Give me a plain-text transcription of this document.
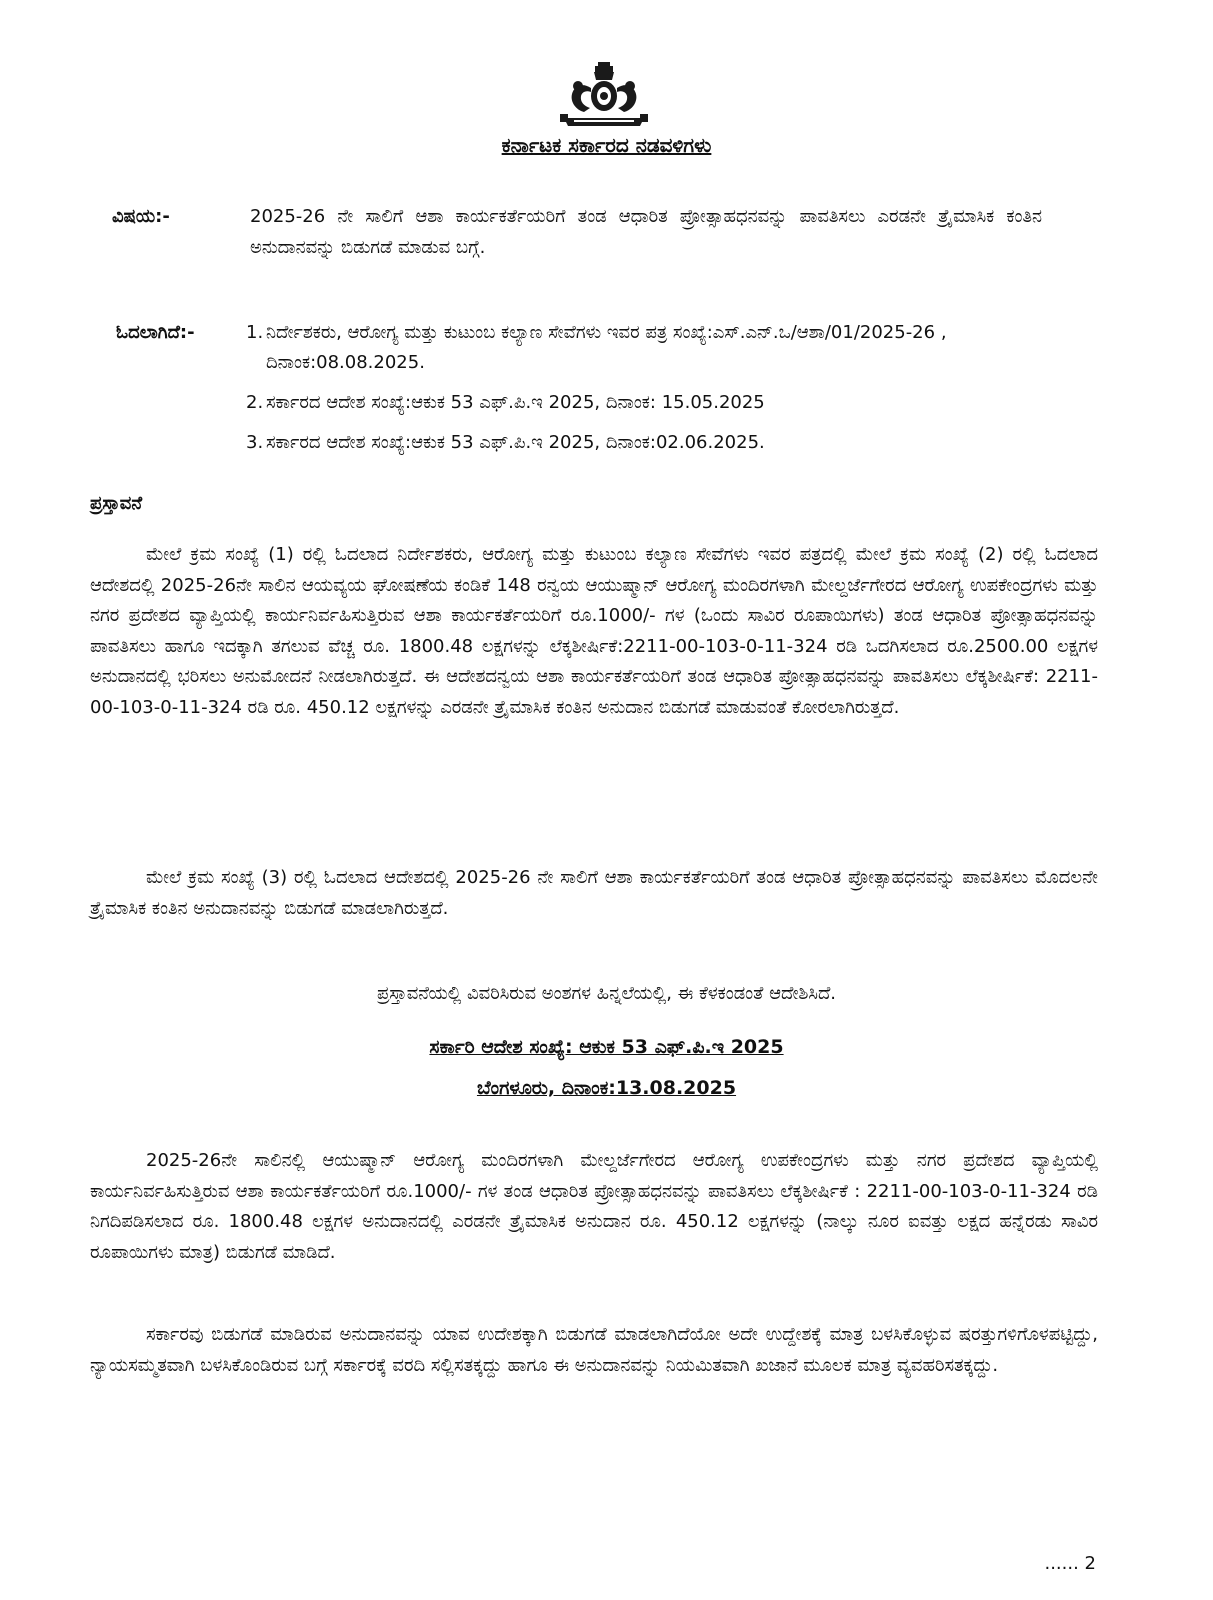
ಕರ್ನಾಟಕ ಸರ್ಕಾರದ ನಡವಳಿಗಳು
ವಿಷಯ:-	2025-26 ನೇ ಸಾಲಿಗೆ ಆಶಾ ಕಾರ್ಯಕರ್ತೆಯರಿಗೆ ತಂಡ ಆಧಾರಿತ ಪ್ರೋತ್ಸಾಹಧನವನ್ನು ಪಾವತಿಸಲು ಎರಡನೇ ತ್ರೈಮಾಸಿಕ ಕಂತಿನ ಅನುದಾನವನ್ನು ಬಿಡುಗಡೆ ಮಾಡುವ ಬಗ್ಗೆ.
ಓದಲಾಗಿದೆ:-	1. ನಿರ್ದೇಶಕರು, ಆರೋಗ್ಯ ಮತ್ತು ಕುಟುಂಬ ಕಲ್ಯಾಣ ಸೇವೆಗಳು ಇವರ ಪತ್ರ ಸಂಖ್ಯೆ:ಎಸ್.ಎನ್.ಒ/ಆಶಾ/01/2025-26 , ದಿನಾಂಕ:08.08.2025.
2. ಸರ್ಕಾರದ ಆದೇಶ ಸಂಖ್ಯೆ:ಆಕುಕ 53 ಎಫ್.ಪಿ.ಇ 2025, ದಿನಾಂಕ: 15.05.2025
3. ಸರ್ಕಾರದ ಆದೇಶ ಸಂಖ್ಯೆ:ಆಕುಕ 53 ಎಫ್.ಪಿ.ಇ 2025, ದಿನಾಂಕ:02.06.2025.
ಪ್ರಸ್ತಾವನೆ
ಮೇಲೆ ಕ್ರಮ ಸಂಖ್ಯೆ (1) ರಲ್ಲಿ ಓದಲಾದ ನಿರ್ದೇಶಕರು, ಆರೋಗ್ಯ ಮತ್ತು ಕುಟುಂಬ ಕಲ್ಯಾಣ ಸೇವೆಗಳು ಇವರ ಪತ್ರದಲ್ಲಿ ಮೇಲೆ ಕ್ರಮ ಸಂಖ್ಯೆ (2) ರಲ್ಲಿ ಓದಲಾದ ಆದೇಶದಲ್ಲಿ 2025-26ನೇ ಸಾಲಿನ ಆಯವ್ಯಯ ಘೋಷಣೆಯ ಕಂಡಿಕೆ 148 ರನ್ವಯ ಆಯುಷ್ಮಾನ್ ಆರೋಗ್ಯ ಮಂದಿರಗಳಾಗಿ ಮೇಲ್ದರ್ಜೆಗೇರದ ಆರೋಗ್ಯ ಉಪಕೇಂದ್ರಗಳು ಮತ್ತು ನಗರ ಪ್ರದೇಶದ ವ್ಯಾಪ್ತಿಯಲ್ಲಿ ಕಾರ್ಯನಿರ್ವಹಿಸುತ್ತಿರುವ ಆಶಾ ಕಾರ್ಯಕರ್ತೆಯರಿಗೆ ರೂ.1000/- ಗಳ (ಒಂದು ಸಾವಿರ ರೂಪಾಯಿಗಳು) ತಂಡ ಆಧಾರಿತ ಪ್ರೋತ್ಸಾಹಧನವನ್ನು ಪಾವತಿಸಲು ಹಾಗೂ ಇದಕ್ಕಾಗಿ ತಗಲುವ ವೆಚ್ಚ ರೂ. 1800.48 ಲಕ್ಷಗಳನ್ನು ಲೆಕ್ಕಶೀರ್ಷಿಕೆ:2211-00-103-0-11-324 ರಡಿ ಒದಗಿಸಲಾದ ರೂ.2500.00 ಲಕ್ಷಗಳ ಅನುದಾನದಲ್ಲಿ ಭರಿಸಲು ಅನುಮೋದನೆ ನೀಡಲಾಗಿರುತ್ತದೆ. ಈ ಆದೇಶದನ್ವಯ ಆಶಾ ಕಾರ್ಯಕರ್ತೆಯರಿಗೆ ತಂಡ ಆಧಾರಿತ ಪ್ರೋತ್ಸಾಹಧನವನ್ನು ಪಾವತಿಸಲು ಲೆಕ್ಕಶೀರ್ಷಿಕೆ: 2211-00-103-0-11-324 ರಡಿ ರೂ. 450.12 ಲಕ್ಷಗಳನ್ನು ಎರಡನೇ ತ್ರೈಮಾಸಿಕ ಕಂತಿನ ಅನುದಾನ ಬಿಡುಗಡೆ ಮಾಡುವಂತೆ ಕೋರಲಾಗಿರುತ್ತದೆ.
ಮೇಲೆ ಕ್ರಮ ಸಂಖ್ಯೆ (3) ರಲ್ಲಿ ಓದಲಾದ ಆದೇಶದಲ್ಲಿ 2025-26 ನೇ ಸಾಲಿಗೆ ಆಶಾ ಕಾರ್ಯಕರ್ತೆಯರಿಗೆ ತಂಡ ಆಧಾರಿತ ಪ್ರೋತ್ಸಾಹಧನವನ್ನು ಪಾವತಿಸಲು ಮೊದಲನೇ ತ್ರೈಮಾಸಿಕ ಕಂತಿನ ಅನುದಾನವನ್ನು ಬಿಡುಗಡೆ ಮಾಡಲಾಗಿರುತ್ತದೆ.
ಪ್ರಸ್ತಾವನೆಯಲ್ಲಿ ವಿವರಿಸಿರುವ ಅಂಶಗಳ ಹಿನ್ನಲೆಯಲ್ಲಿ, ಈ ಕೆಳಕಂಡಂತೆ ಆದೇಶಿಸಿದೆ.
ಸರ್ಕಾರಿ ಆದೇಶ ಸಂಖ್ಯೆ: ಆಕುಕ 53 ಎಫ್.ಪಿ.ಇ 2025
ಬೆಂಗಳೂರು, ದಿನಾಂಕ:13.08.2025
2025-26ನೇ ಸಾಲಿನಲ್ಲಿ ಆಯುಷ್ಮಾನ್ ಆರೋಗ್ಯ ಮಂದಿರಗಳಾಗಿ ಮೇಲ್ದರ್ಜೆಗೇರದ ಆರೋಗ್ಯ ಉಪಕೇಂದ್ರಗಳು ಮತ್ತು ನಗರ ಪ್ರದೇಶದ ವ್ಯಾಪ್ತಿಯಲ್ಲಿ ಕಾರ್ಯನಿರ್ವಹಿಸುತ್ತಿರುವ ಆಶಾ ಕಾರ್ಯಕರ್ತೆಯರಿಗೆ ರೂ.1000/- ಗಳ ತಂಡ ಆಧಾರಿತ ಪ್ರೋತ್ಸಾಹಧನವನ್ನು ಪಾವತಿಸಲು ಲೆಕ್ಕಶೀರ್ಷಿಕೆ : 2211-00-103-0-11-324 ರಡಿ ನಿಗದಿಪಡಿಸಲಾದ ರೂ. 1800.48 ಲಕ್ಷಗಳ ಅನುದಾನದಲ್ಲಿ ಎರಡನೇ ತ್ರೈಮಾಸಿಕ ಅನುದಾನ ರೂ. 450.12 ಲಕ್ಷಗಳನ್ನು (ನಾಲ್ಕು ನೂರ ಐವತ್ತು ಲಕ್ಷದ ಹನ್ನೆರಡು ಸಾವಿರ ರೂಪಾಯಿಗಳು ಮಾತ್ರ) ಬಿಡುಗಡೆ ಮಾಡಿದೆ.
ಸರ್ಕಾರವು ಬಿಡುಗಡೆ ಮಾಡಿರುವ ಅನುದಾನವನ್ನು ಯಾವ ಉದೇಶಕ್ಕಾಗಿ ಬಿಡುಗಡೆ ಮಾಡಲಾಗಿದೆಯೋ ಅದೇ ಉದ್ದೇಶಕ್ಕೆ ಮಾತ್ರ ಬಳಸಿಕೊಳ್ಳುವ ಷರತ್ತುಗಳಿಗೊಳಪಟ್ಟಿದ್ದು, ನ್ಯಾಯಸಮ್ಮತವಾಗಿ ಬಳಸಿಕೊಂಡಿರುವ ಬಗ್ಗೆ ಸರ್ಕಾರಕ್ಕೆ ವರದಿ ಸಲ್ಲಿಸತಕ್ಕದ್ದು ಹಾಗೂ ಈ ಅನುದಾನವನ್ನು ನಿಯಮಿತವಾಗಿ ಖಜಾನೆ ಮೂಲಕ ಮಾತ್ರ ವ್ಯವಹರಿಸತಕ್ಕದ್ದು.
...... 2
